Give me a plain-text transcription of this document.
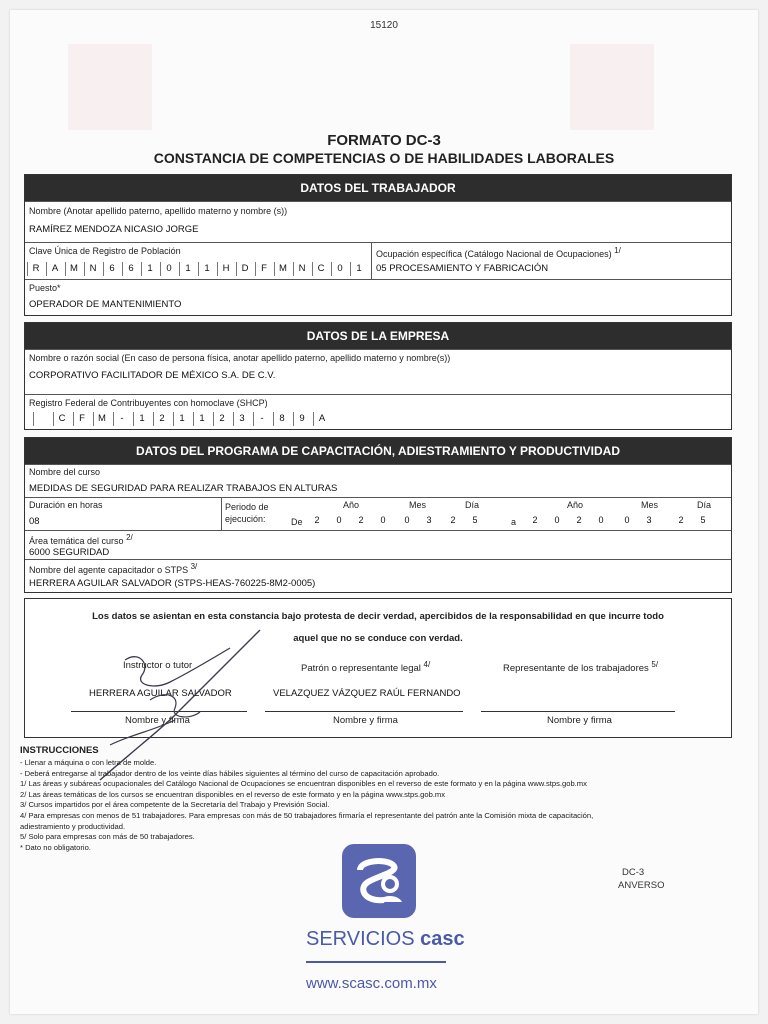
15120
FORMATO DC-3
CONSTANCIA DE COMPETENCIAS O DE HABILIDADES LABORALES
DATOS DEL TRABAJADOR
Nombre (Anotar apellido paterno, apellido materno y nombre (s))
RAMÍREZ MENDOZA NICASIO JORGE
Clave Única de Registro de Población
R	A	M	N	6	6	1	0	1	1	H	D	F	M	N	C	0	1
Ocupación específica (Catálogo Nacional de Ocupaciones) $^{1/}$
05 PROCESAMIENTO Y FABRICACIÓN
Puesto*
OPERADOR DE MANTENIMIENTO
DATOS DE LA EMPRESA
Nombre o razón social (En caso de persona física, anotar apellido paterno, apellido materno y nombre(s))
CORPORATIVO FACILITADOR DE MÉXICO S.A. DE C.V.
Registro Federal de Contribuyentes con homoclave (SHCP)
C	F	M	-	1	2	1	1	2	3	-	8	9	A
DATOS DEL PROGRAMA DE CAPACITACIÓN, ADIESTRAMIENTO Y PRODUCTIVIDAD
Nombre del curso
MEDIDAS DE SEGURIDAD PARA REALIZAR TRABAJOS EN ALTURAS
Duración en horas
08
Periodo de
ejecución:	De	a
Año	Mes	Día	Año	Mes	Día
2	0	2	0	0	3	2	5	2	0	2	0	0	3	2	5
Área temática del curso $^{2/}$
6000 SEGURIDAD
Nombre del agente capacitador o STPS $^{3/}$
HERRERA AGUILAR SALVADOR (STPS-HEAS-760225-8M2-0005)
Los datos se asientan en esta constancia bajo protesta de decir verdad, apercibidos de la responsabilidad en que incurre todo
aquel que no se conduce con verdad.
Instructor o tutor	Patrón o representante legal $^{4/}$	Representante de los trabajadores $^{5/}$
HERRERA AGUILAR SALVADOR	VELAZQUEZ VÁZQUEZ RAÚL FERNANDO
Nombre y firma	Nombre y firma	Nombre y firma
INSTRUCCIONES
- Llenar a máquina o con letra de molde.
- Deberá entregarse al trabajador dentro de los veinte días hábiles siguientes al término del curso de capacitación aprobado.
1/ Las áreas y subáreas ocupacionales del Catálogo Nacional de Ocupaciones se encuentran disponibles en el reverso de este formato y en la página www.stps.gob.mx
2/ Las áreas temáticas de los cursos se encuentran disponibles en el reverso de este formato y en la página www.stps.gob.mx
3/ Cursos impartidos por el área competente de la Secretaría del Trabajo y Previsión Social.
4/ Para empresas con menos de 51 trabajadores. Para empresas con más de 50 trabajadores firmaría el representante del patrón ante la Comisión mixta de capacitación,
adiestramiento y productividad.
5/ Solo para empresas con más de 50 trabajadores.
* Dato no obligatorio.
DC-3
ANVERSO
SERVICIOS casc
www.scasc.com.mx
